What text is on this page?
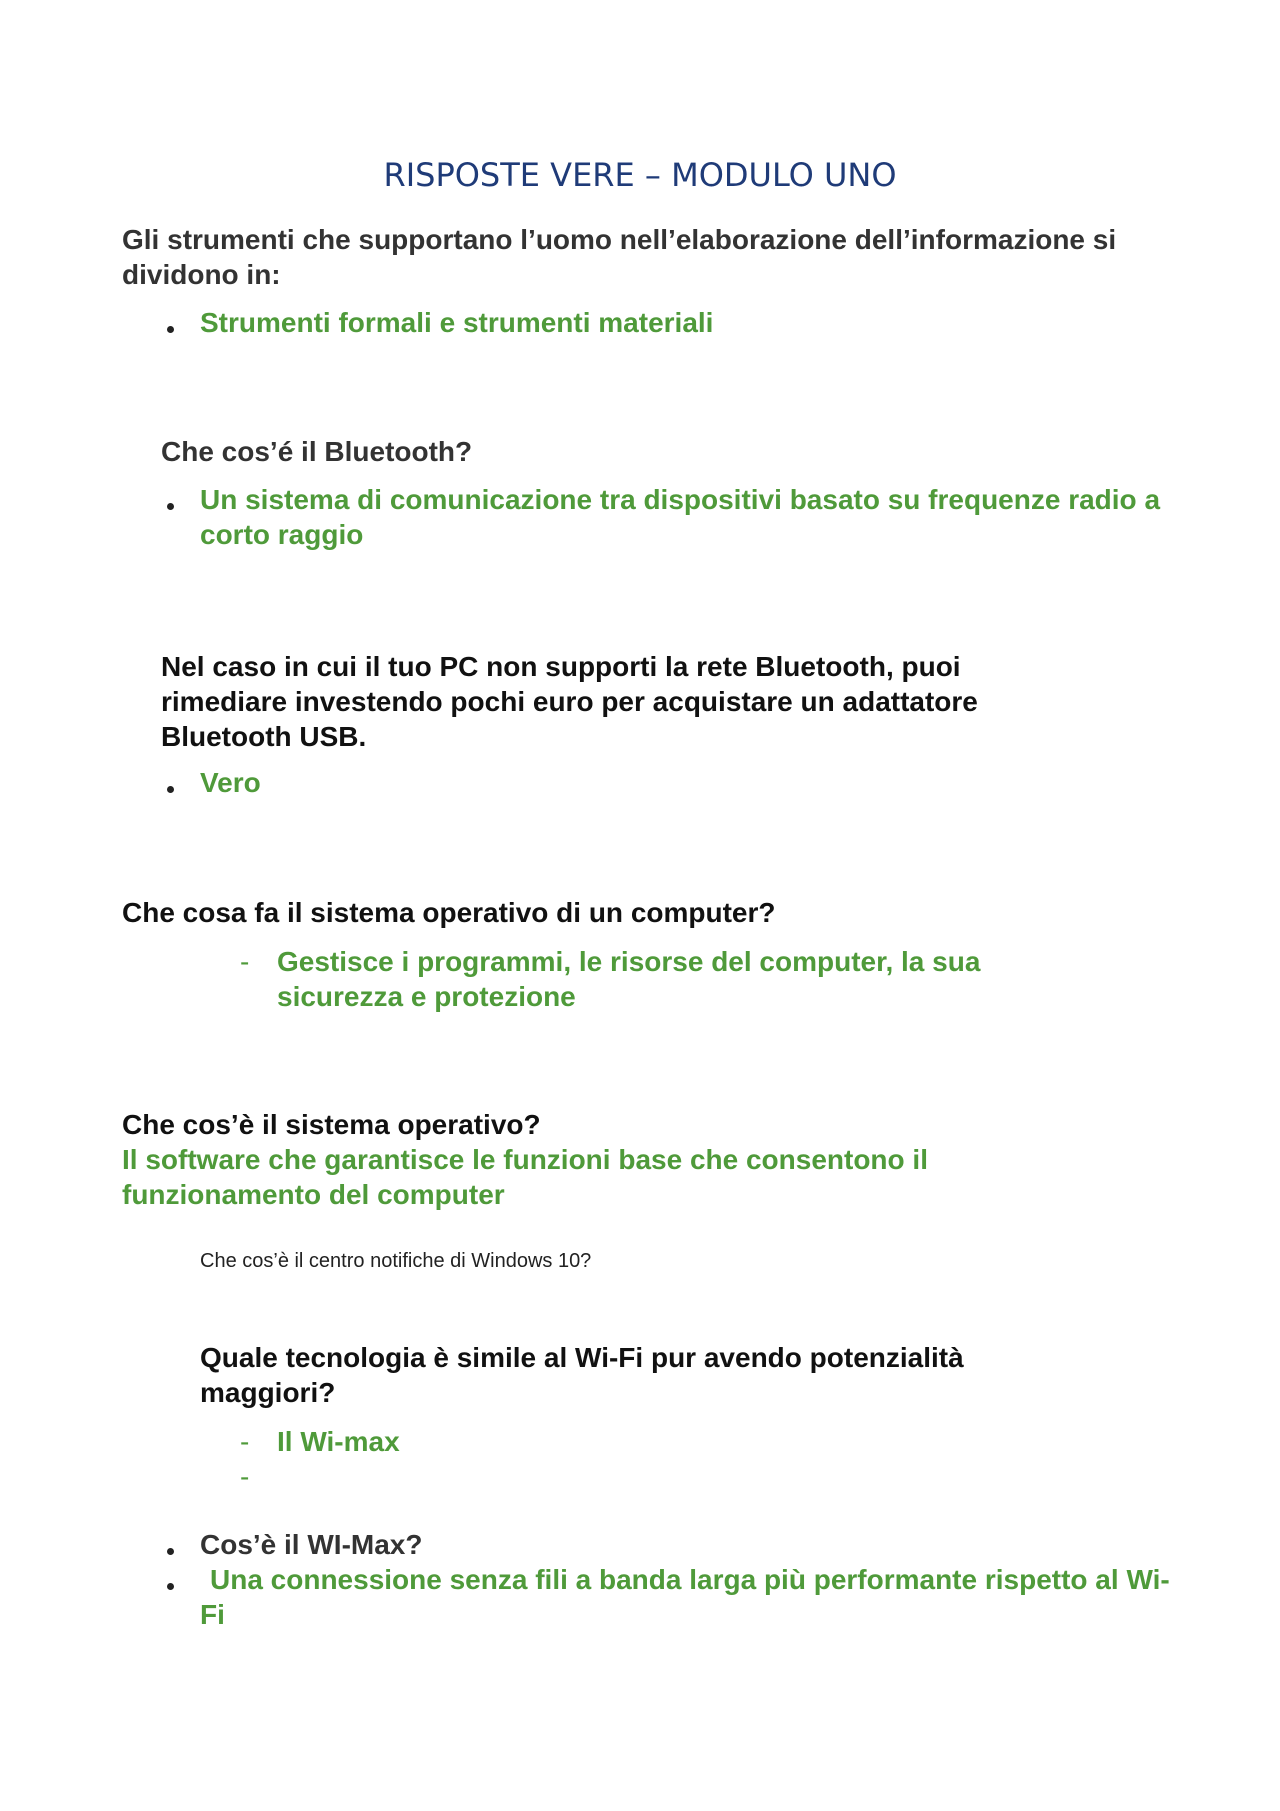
RISPOSTE VERE – MODULO UNO
Gli strumenti che supportano l’uomo nell’elaborazione dell’informazione si dividono in:
Strumenti formali e strumenti materiali
Che cos’é il Bluetooth?
Un sistema di comunicazione tra dispositivi basato su frequenze radio a corto raggio
Nel caso in cui il tuo PC non supporti la rete Bluetooth, puoi rimediare investendo pochi euro per acquistare un adattatore Bluetooth USB.
Vero
Che cosa fa il sistema operativo di un computer?
- Gestisce i programmi, le risorse del computer, la sua sicurezza e protezione
Che cos’è il sistema operativo?
Il software che garantisce le funzioni base che consentono il funzionamento del computer
Che cos’è il centro notifiche di Windows 10?
Quale tecnologia è simile al Wi-Fi pur avendo potenzialità maggiori?
- Il Wi-max
-
Cos’è il WI-Max?
Una connessione senza fili a banda larga più performante rispetto al Wi-Fi
